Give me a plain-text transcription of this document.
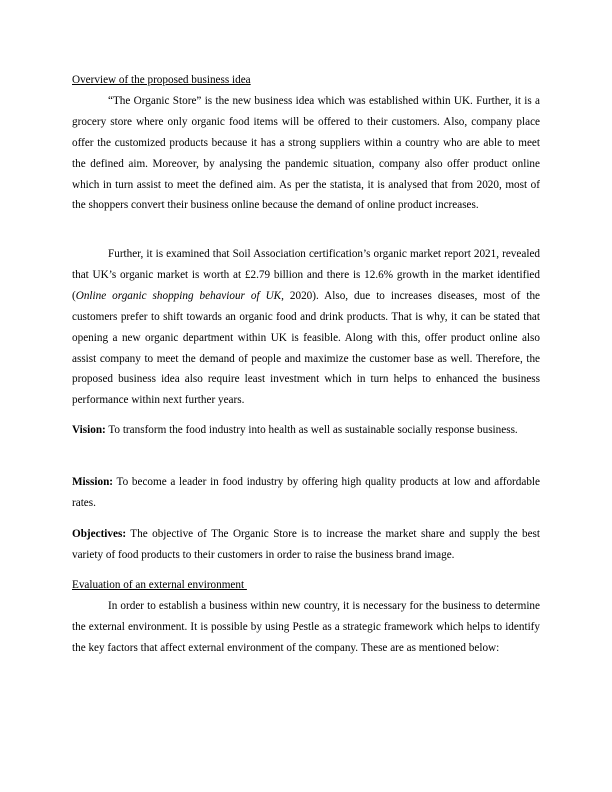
Overview of the proposed business idea

“The Organic Store” is the new business idea which was established within UK. Further, it is a grocery store where only organic food items will be offered to their customers. Also, company place offer the customized products because it has a strong suppliers within a country who are able to meet the defined aim. Moreover, by analysing the pandemic situation, company also offer product online which in turn assist to meet the defined aim. As per the statista, it is analysed that from 2020, most of the shoppers convert their business online because the demand of online product increases.

Further, it is examined that Soil Association certification’s organic market report 2021, revealed that UK’s organic market is worth at £2.79 billion and there is 12.6% growth in the market identified (Online organic shopping behaviour of UK, 2020). Also, due to increases diseases, most of the customers prefer to shift towards an organic food and drink products. That is why, it can be stated that opening a new organic department within UK is feasible. Along with this, offer product online also assist company to meet the demand of people and maximize the customer base as well. Therefore, the proposed business idea also require least investment which in turn helps to enhanced the business performance within next further years.

Vision: To transform the food industry into health as well as sustainable socially response business.

Mission: To become a leader in food industry by offering high quality products at low and affordable rates.

Objectives: The objective of The Organic Store is to increase the market share and supply the best variety of food products to their customers in order to raise the business brand image.

Evaluation of an external environment

In order to establish a business within new country, it is necessary for the business to determine the external environment. It is possible by using Pestle as a strategic framework which helps to identify the key factors that affect external environment of the company. These are as mentioned below:
